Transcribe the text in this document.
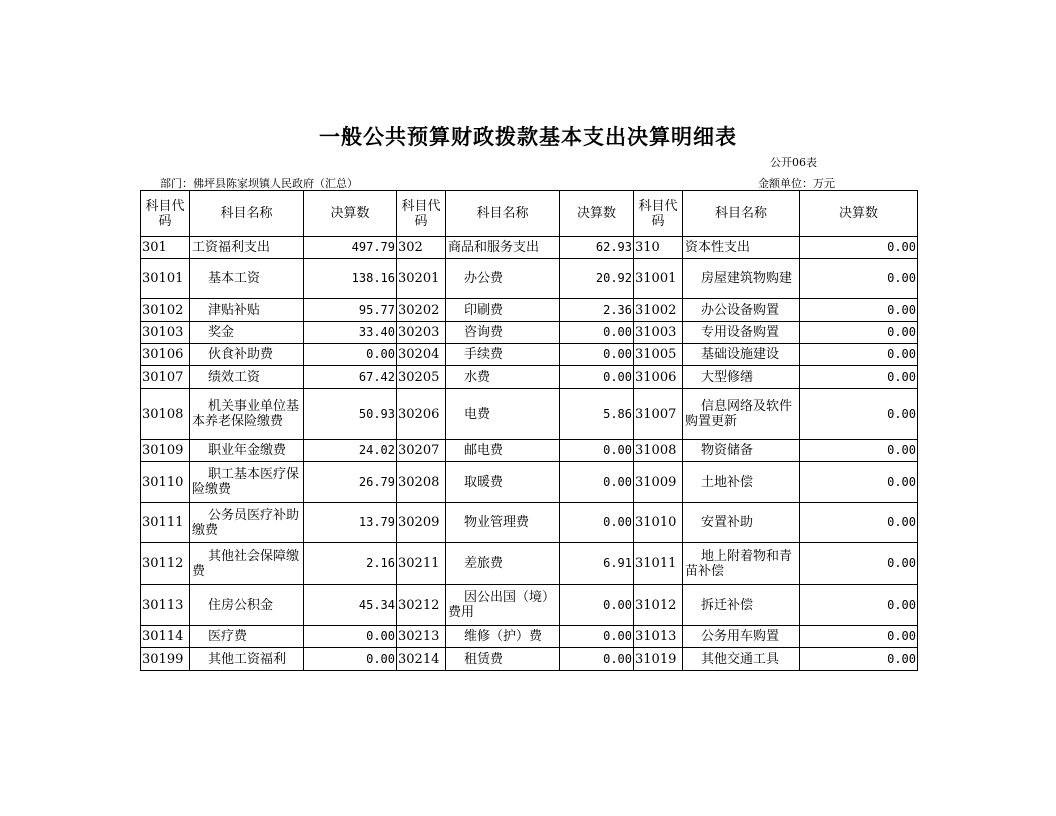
一般公共预算财政拨款基本支出决算明细表
公开06表
部门：佛坪县陈家坝镇人民政府（汇总）	金额单位：万元
科目代码	科目名称	决算数	科目代码	科目名称	决算数	科目代码	科目名称	决算数
301	工资福利支出	497.79	302	商品和服务支出	62.93	310	资本性支出	0.00
30101	基本工资	138.16	30201	办公费	20.92	31001	房屋建筑物购建	0.00
30102	津贴补贴	95.77	30202	印刷费	2.36	31002	办公设备购置	0.00
30103	奖金	33.40	30203	咨询费	0.00	31003	专用设备购置	0.00
30106	伙食补助费	0.00	30204	手续费	0.00	31005	基础设施建设	0.00
30107	绩效工资	67.42	30205	水费	0.00	31006	大型修缮	0.00
30108	机关事业单位基本养老保险缴费	50.93	30206	电费	5.86	31007	信息网络及软件购置更新	0.00
30109	职业年金缴费	24.02	30207	邮电费	0.00	31008	物资储备	0.00
30110	职工基本医疗保险缴费	26.79	30208	取暖费	0.00	31009	土地补偿	0.00
30111	公务员医疗补助缴费	13.79	30209	物业管理费	0.00	31010	安置补助	0.00
30112	其他社会保障缴费	2.16	30211	差旅费	6.91	31011	地上附着物和青苗补偿	0.00
30113	住房公积金	45.34	30212	因公出国（境）费用	0.00	31012	拆迁补偿	0.00
30114	医疗费	0.00	30213	维修（护）费	0.00	31013	公务用车购置	0.00
30199	其他工资福利	0.00	30214	租赁费	0.00	31019	其他交通工具	0.00
